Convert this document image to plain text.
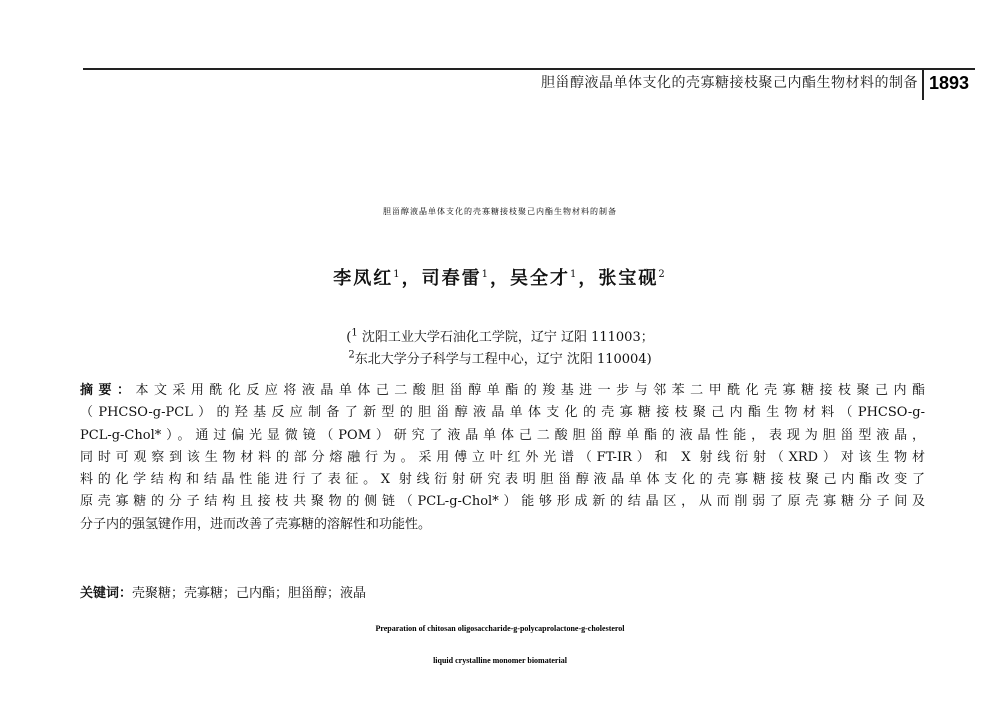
胆甾醇液晶单体支化的壳寡糖接枝聚己内酯生物材料的制备 1893
胆甾醇液晶单体支化的壳寡糖接枝聚己内酯生物材料的制备
李凤红$^1$，司春雷$^1$，吴全才$^1$，张宝砚$^2$
($^1$ 沈阳工业大学石油化工学院，辽宁 辽阳 111003；
$^2$东北大学分子科学与工程中心，辽宁 沈阳 110004)
摘要：本文采用酰化反应将液晶单体己二酸胆甾醇单酯的羧基进一步与邻苯二甲酰化壳寡糖接枝聚己内酯
（PHCSO-g-PCL）的羟基反应制备了新型的胆甾醇液晶单体支化的壳寡糖接枝聚己内酯生物材料（PHCSO-g-
PCL-g-Chol*）。通过偏光显微镜（POM）研究了液晶单体己二酸胆甾醇单酯的液晶性能，表现为胆甾型液晶，
同时可观察到该生物材料的部分熔融行为。采用傅立叶红外光谱（FT-IR）和 X 射线衍射（XRD）对该生物材
料的化学结构和结晶性能进行了表征。X 射线衍射研究表明胆甾醇液晶单体支化的壳寡糖接枝聚己内酯改变了
原壳寡糖的分子结构且接枝共聚物的侧链（PCL-g-Chol*）能够形成新的结晶区，从而削弱了原壳寡糖分子间及
分子内的强氢键作用，进而改善了壳寡糖的溶解性和功能性。
关键词：壳聚糖；壳寡糖；己内酯；胆甾醇；液晶
Preparation of chitosan oligosaccharide-g-polycaprolactone-g-cholesterol
liquid crystalline monomer biomaterial
